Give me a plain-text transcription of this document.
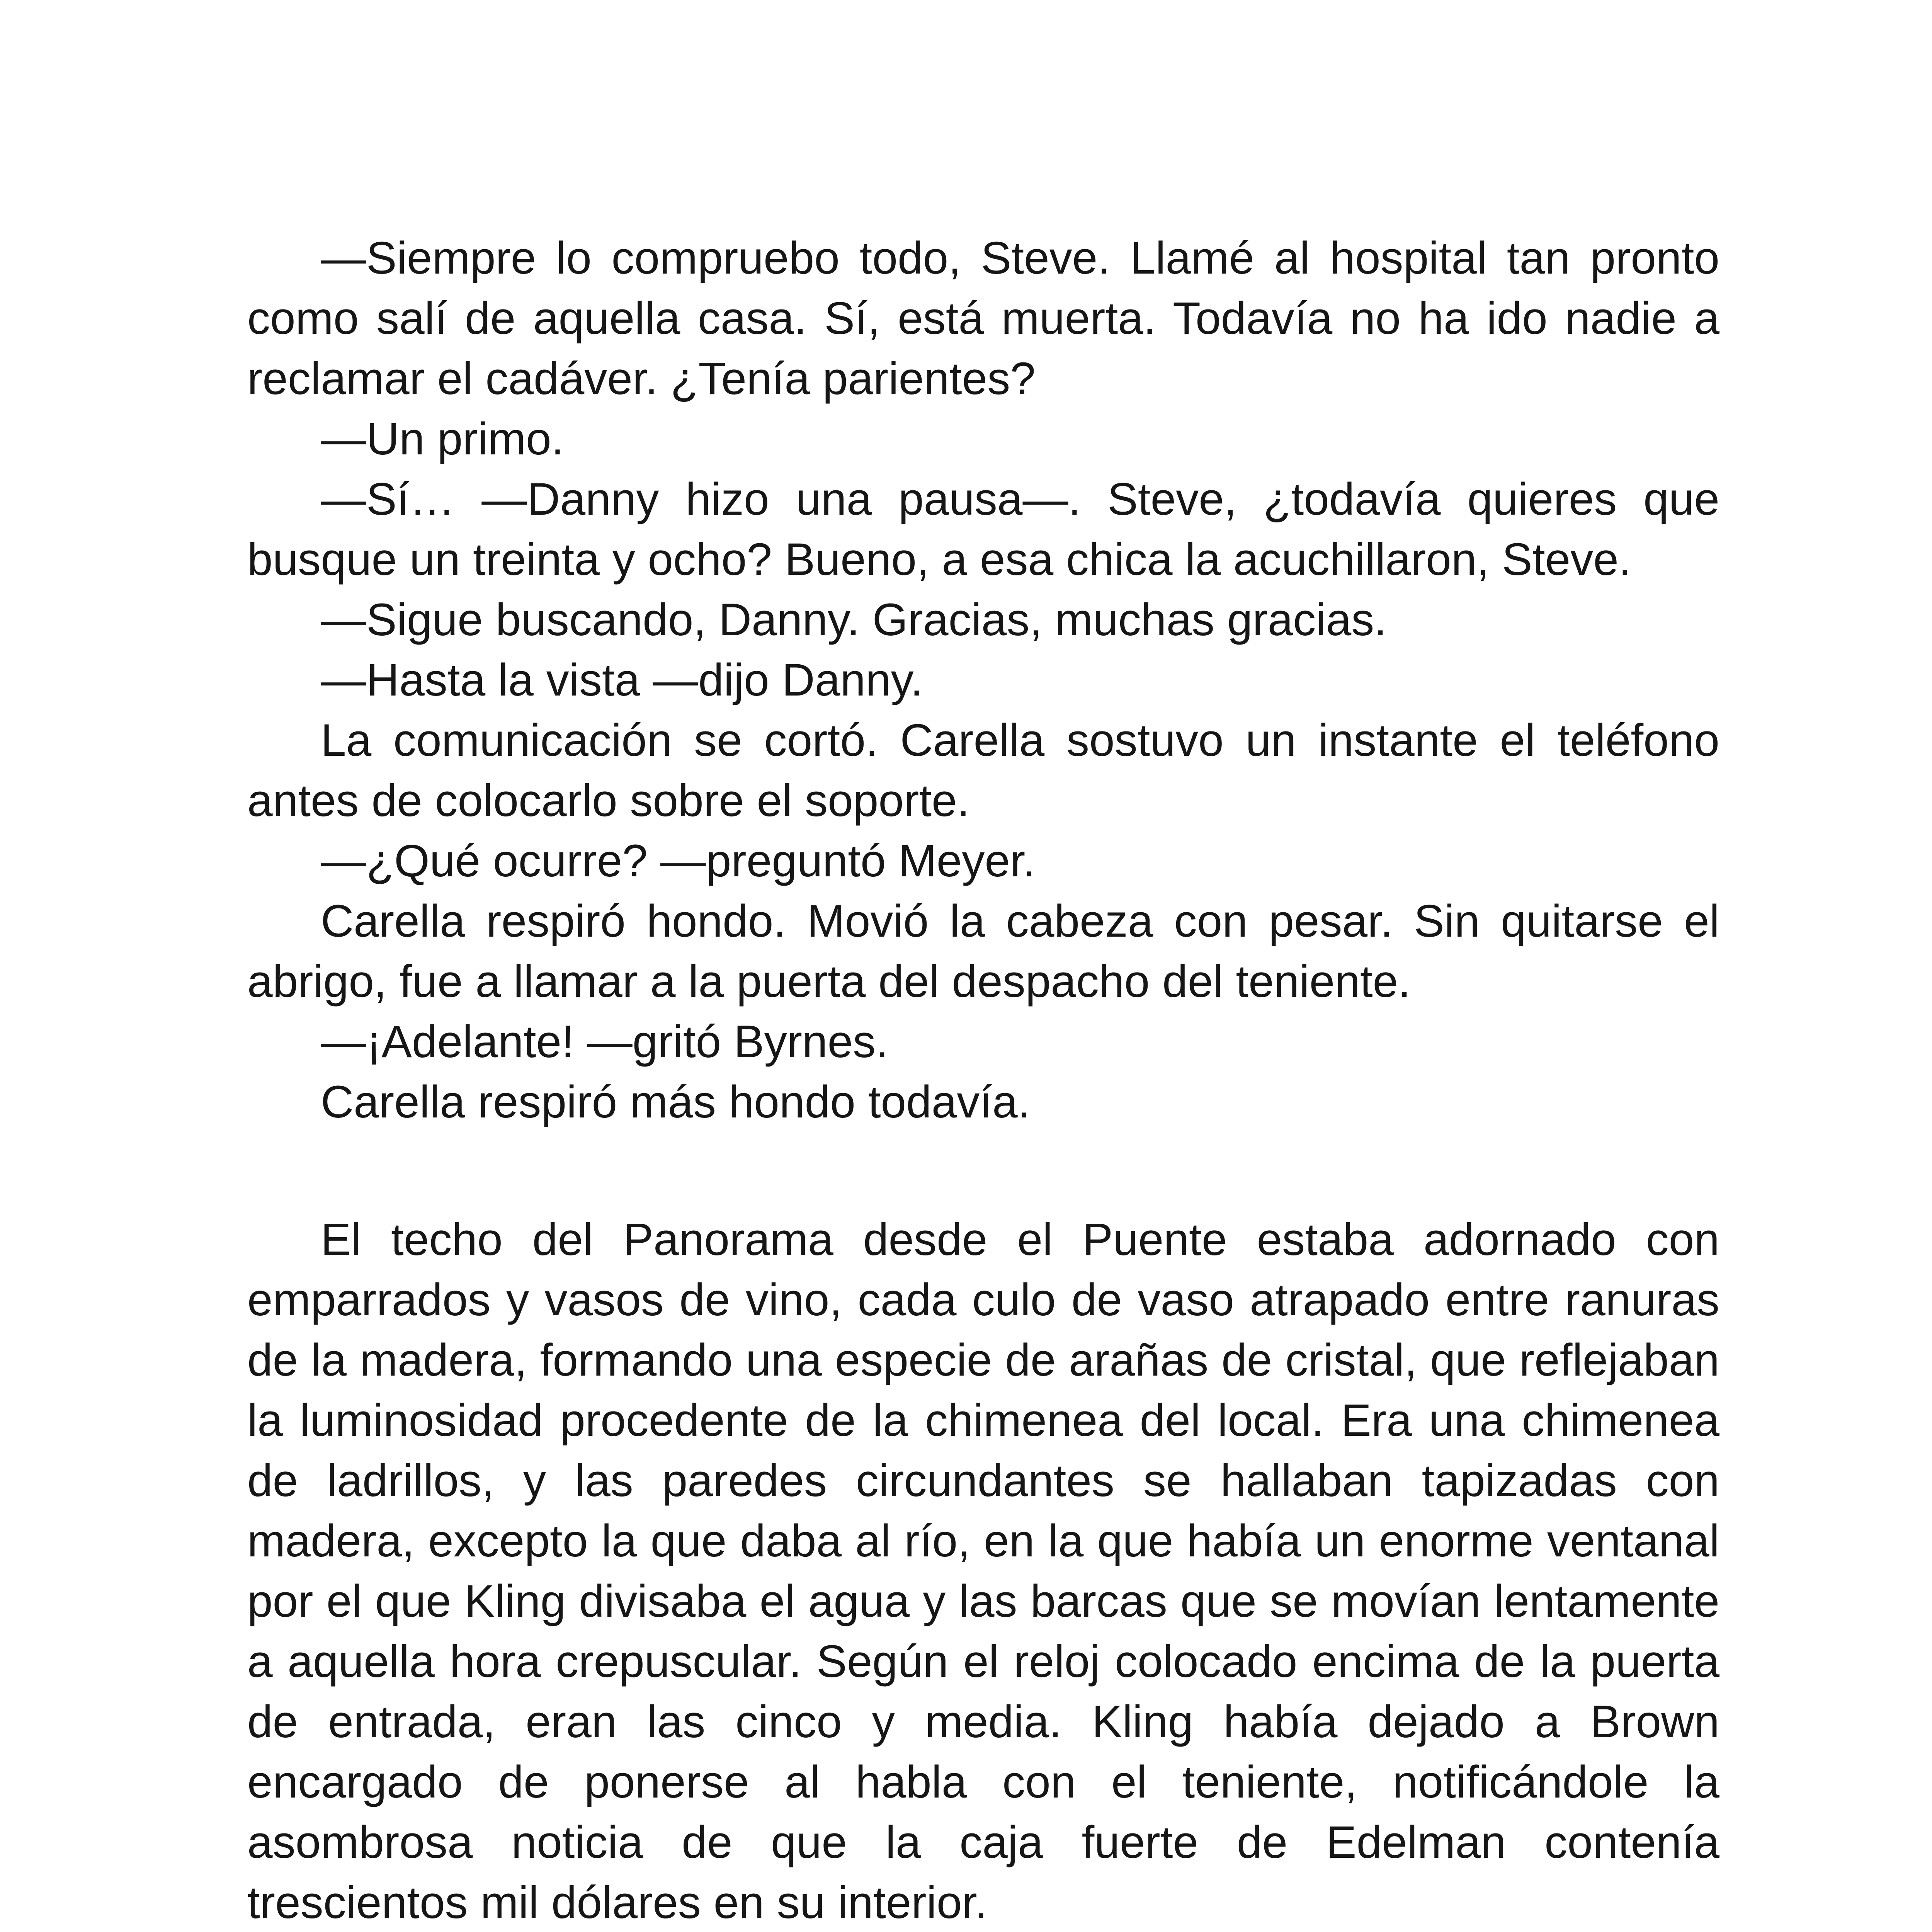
—Siempre lo compruebo todo, Steve. Llamé al hospital tan pronto como salí de aquella casa. Sí, está muerta. Todavía no ha ido nadie a reclamar el cadáver. ¿Tenía parientes?

—Un primo.

—Sí… —Danny hizo una pausa—. Steve, ¿todavía quieres que busque un treinta y ocho? Bueno, a esa chica la acuchillaron, Steve.

—Sigue buscando, Danny. Gracias, muchas gracias.

—Hasta la vista —dijo Danny.

La comunicación se cortó. Carella sostuvo un instante el teléfono antes de colocarlo sobre el soporte.

—¿Qué ocurre? —preguntó Meyer.

Carella respiró hondo. Movió la cabeza con pesar. Sin quitarse el abrigo, fue a llamar a la puerta del despacho del teniente.

—¡Adelante! —gritó Byrnes.

Carella respiró más hondo todavía.

El techo del Panorama desde el Puente estaba adornado con emparrados y vasos de vino, cada culo de vaso atrapado entre ranuras de la madera, formando una especie de arañas de cristal, que reflejaban la luminosidad procedente de la chimenea del local. Era una chimenea de ladrillos, y las paredes circundantes se hallaban tapizadas con madera, excepto la que daba al río, en la que había un enorme ventanal por el que Kling divisaba el agua y las barcas que se movían lentamente a aquella hora crepuscular. Según el reloj colocado encima de la puerta de entrada, eran las cinco y media. Kling había dejado a Brown encargado de ponerse al habla con el teniente, notificándole la asombrosa noticia de que la caja fuerte de Edelman contenía trescientos mil dólares en su interior.
